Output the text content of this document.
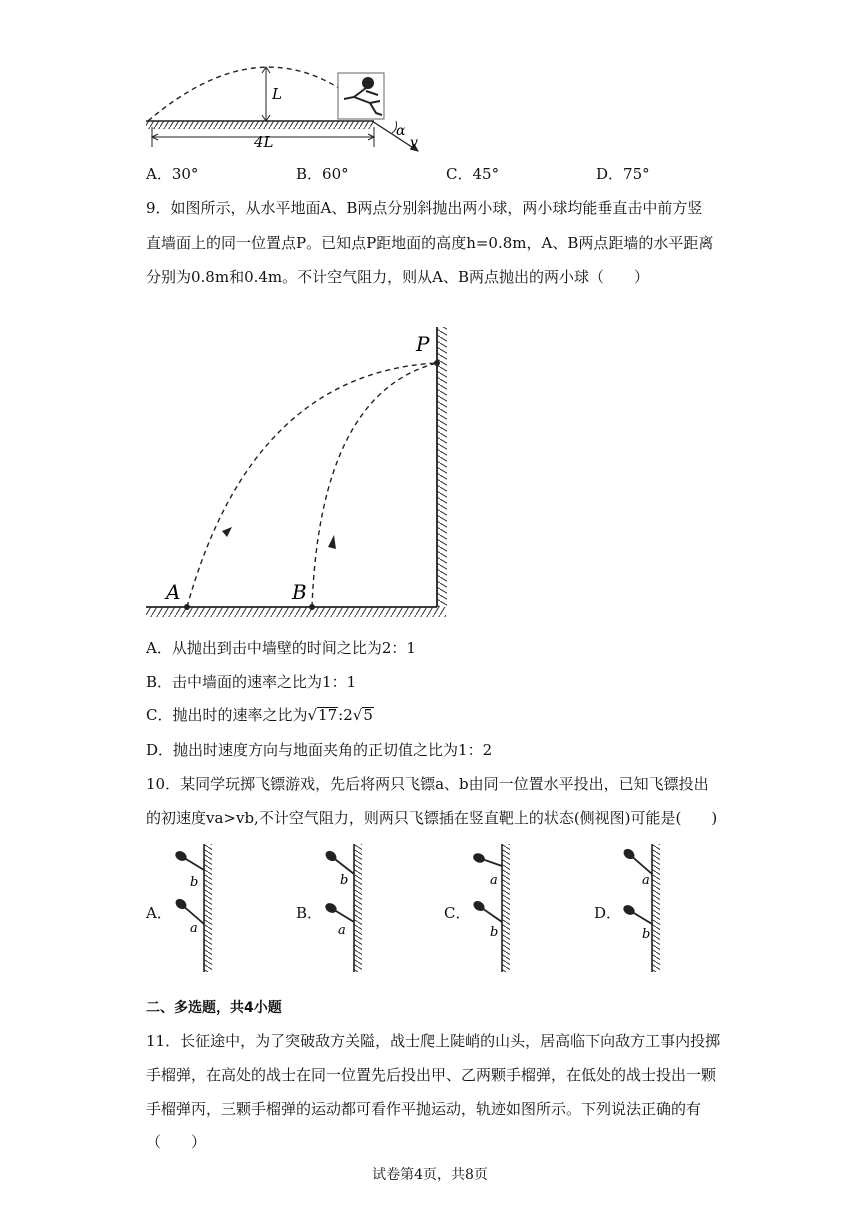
L
4L
α
v
A．30°	B．60°	C．45°	D．75°
9．如图所示，从水平地面A、B两点分别斜抛出两小球，两小球均能垂直击中前方竖
直墙面上的同一位置点P。已知点P距地面的高度h=0.8m，A、B两点距墙的水平距离
分别为0.8m和0.4m。不计空气阻力，则从A、B两点抛出的两小球（　　）
P
A	B
A．从抛出到击中墙壁的时间之比为2：1
B．击中墙面的速率之比为1：1
C．抛出时的速率之比为√17:2√5
D．抛出时速度方向与地面夹角的正切值之比为1：2
10．某同学玩掷飞镖游戏，先后将两只飞镖a、b由同一位置水平投出，已知飞镖投出
的初速度va>vb,不计空气阻力，则两只飞镖插在竖直靶上的状态(侧视图)可能是(　　)
A．	B．	C．	D．
b
a
b
a
a
b
a
b
二、多选题，共4小题
11．长征途中，为了突破敌方关隘，战士爬上陡峭的山头，居高临下向敌方工事内投掷
手榴弹，在高处的战士在同一位置先后投出甲、乙两颗手榴弹，在低处的战士投出一颗
手榴弹丙，三颗手榴弹的运动都可看作平抛运动，轨迹如图所示。下列说法正确的有
（　　）
试卷第4页，共8页
